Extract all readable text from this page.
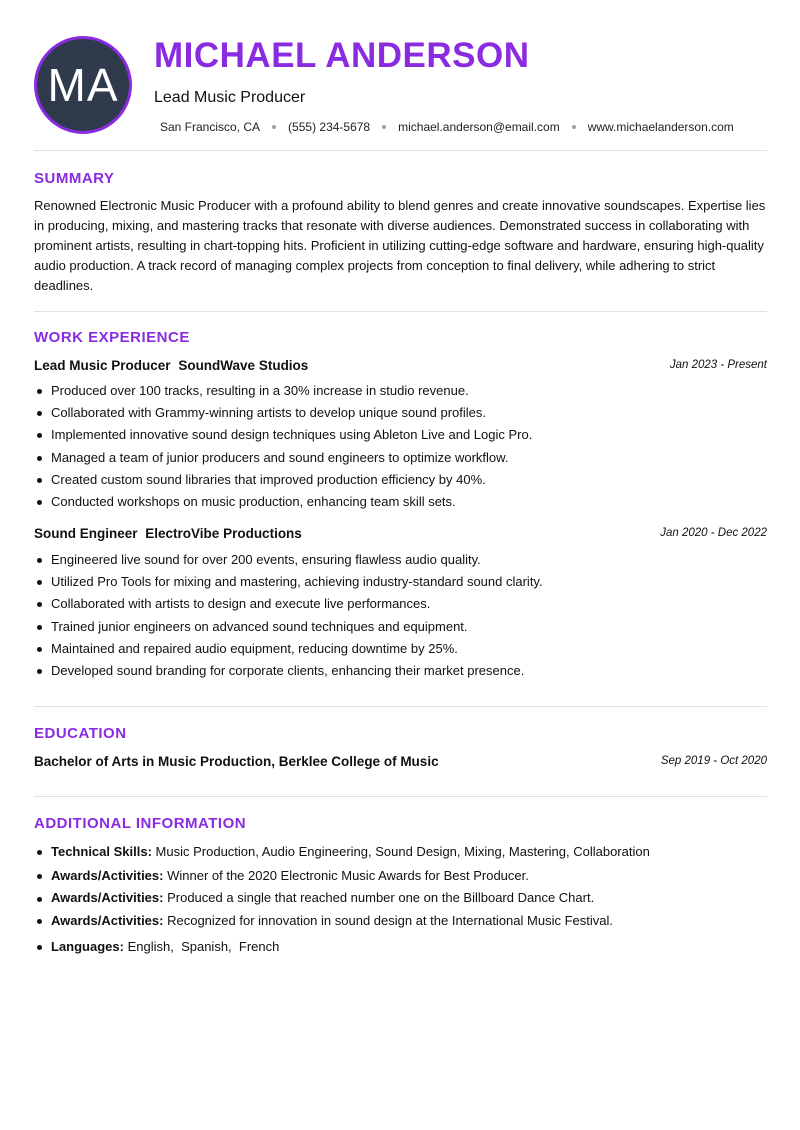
MA
MICHAEL ANDERSON
Lead Music Producer
San Francisco, CA (555) 234-5678 michael.anderson@email.com www.michaelanderson.com
SUMMARY
Renowned Electronic Music Producer with a profound ability to blend genres and create innovative soundscapes. Expertise lies in producing, mixing, and mastering tracks that resonate with diverse audiences. Demonstrated success in collaborating with prominent artists, resulting in chart-topping hits. Proficient in utilizing cutting-edge software and hardware, ensuring high-quality audio production. A track record of managing complex projects from conception to final delivery, while adhering to strict deadlines.
WORK EXPERIENCE
Lead Music Producer SoundWave Studios	Jan 2023 - Present
Produced over 100 tracks, resulting in a 30% increase in studio revenue.
Collaborated with Grammy-winning artists to develop unique sound profiles.
Implemented innovative sound design techniques using Ableton Live and Logic Pro.
Managed a team of junior producers and sound engineers to optimize workflow.
Created custom sound libraries that improved production efficiency by 40%.
Conducted workshops on music production, enhancing team skill sets.
Sound Engineer ElectroVibe Productions	Jan 2020 - Dec 2022
Engineered live sound for over 200 events, ensuring flawless audio quality.
Utilized Pro Tools for mixing and mastering, achieving industry-standard sound clarity.
Collaborated with artists to design and execute live performances.
Trained junior engineers on advanced sound techniques and equipment.
Maintained and repaired audio equipment, reducing downtime by 25%.
Developed sound branding for corporate clients, enhancing their market presence.
EDUCATION
Bachelor of Arts in Music Production, Berklee College of Music	Sep 2019 - Oct 2020
ADDITIONAL INFORMATION
Technical Skills: Music Production, Audio Engineering, Sound Design, Mixing, Mastering, Collaboration
Awards/Activities: Winner of the 2020 Electronic Music Awards for Best Producer.
Awards/Activities: Produced a single that reached number one on the Billboard Dance Chart.
Awards/Activities: Recognized for innovation in sound design at the International Music Festival.
Languages: English,  Spanish,  French
